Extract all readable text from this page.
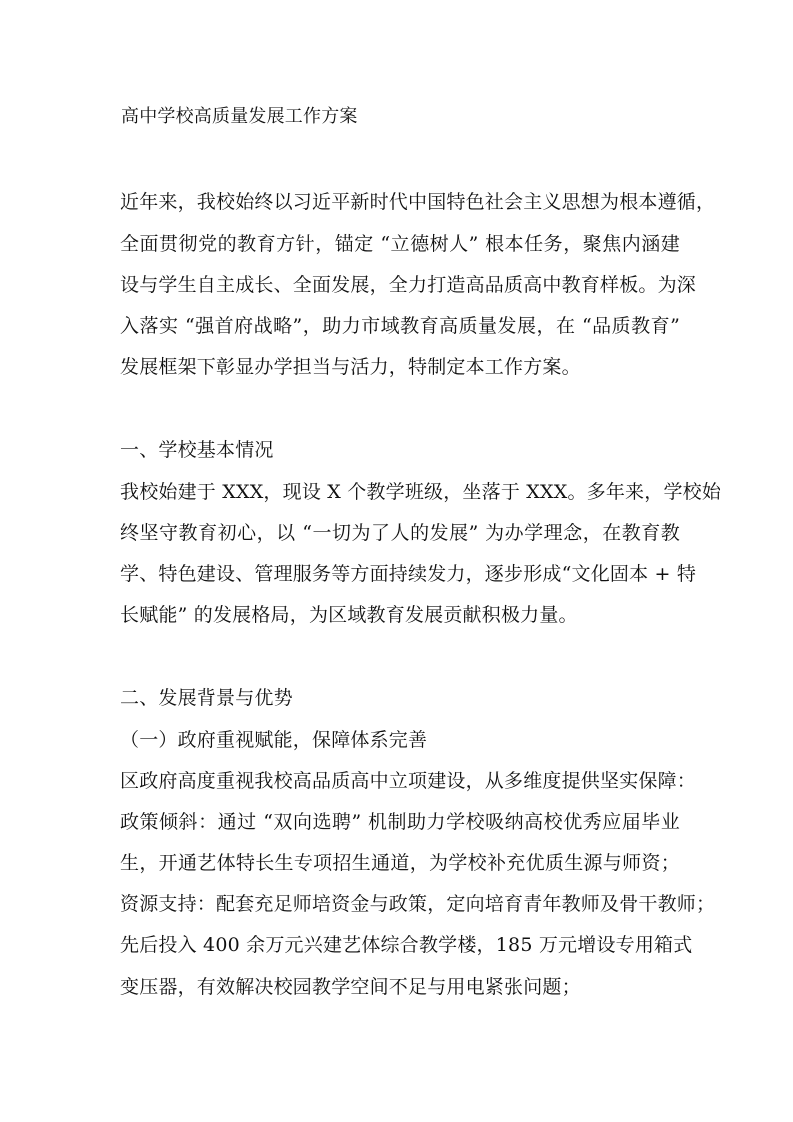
高中学校高质量发展工作方案
近年来，我校始终以习近平新时代中国特色社会主义思想为根本遵循，
全面贯彻党的教育方针，锚定 “立德树人” 根本任务，聚焦内涵建
设与学生自主成长、全面发展，全力打造高品质高中教育样板。为深
入落实 “强首府战略”，助力市域教育高质量发展，在 “品质教育”
发展框架下彰显办学担当与活力，特制定本工作方案。
一、学校基本情况
我校始建于 XXX，现设 X 个教学班级，坐落于 XXX。多年来，学校始
终坚守教育初心，以 “一切为了人的发展” 为办学理念，在教育教
学、特色建设、管理服务等方面持续发力，逐步形成“文化固本 + 特
长赋能” 的发展格局，为区域教育发展贡献积极力量。
二、发展背景与优势
（一）政府重视赋能，保障体系完善
区政府高度重视我校高品质高中立项建设，从多维度提供坚实保障：
政策倾斜：通过 “双向选聘” 机制助力学校吸纳高校优秀应届毕业
生，开通艺体特长生专项招生通道，为学校补充优质生源与师资；
资源支持：配套充足师培资金与政策，定向培育青年教师及骨干教师；
先后投入 400 余万元兴建艺体综合教学楼，185 万元增设专用箱式
变压器，有效解决校园教学空间不足与用电紧张问题；
